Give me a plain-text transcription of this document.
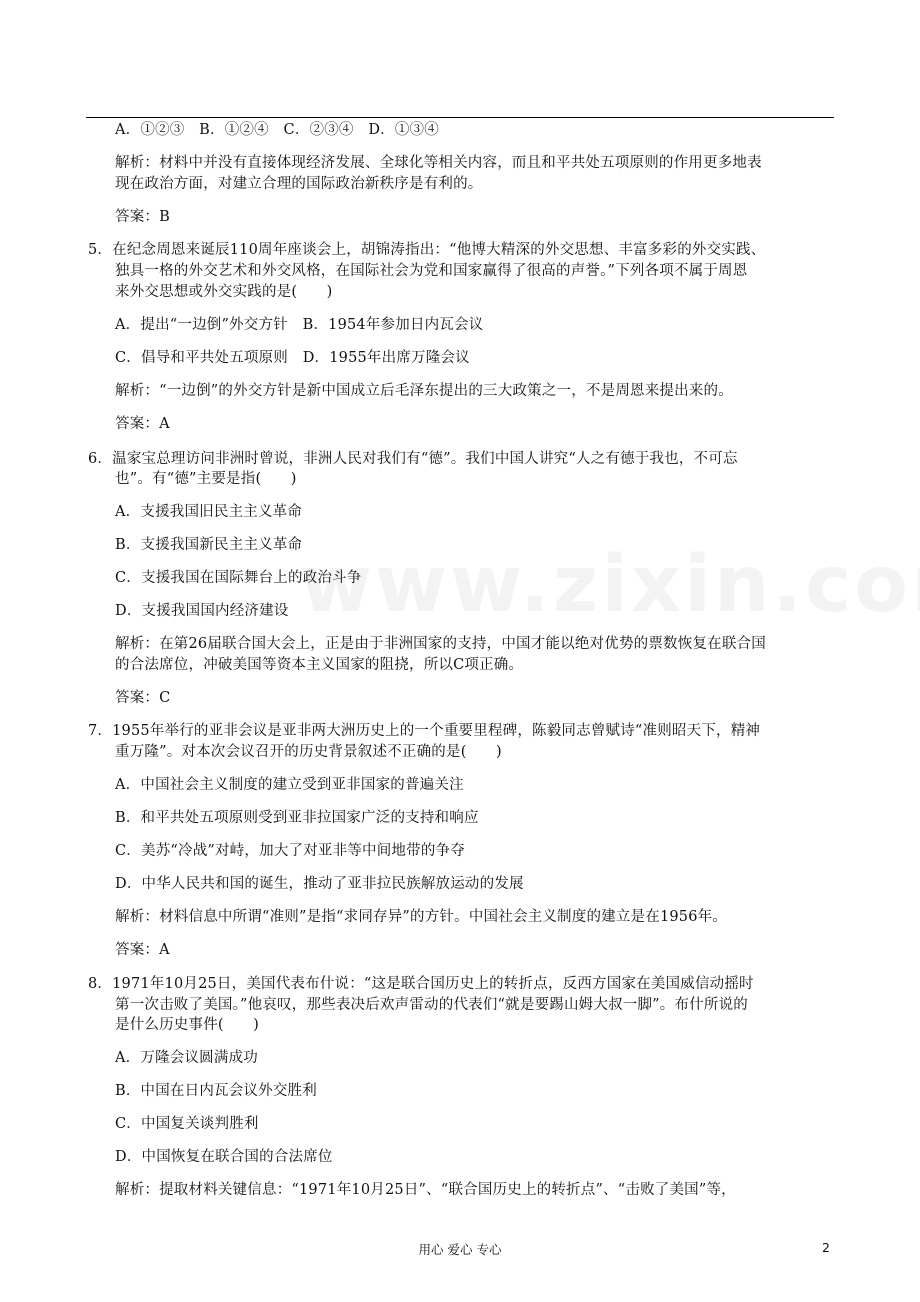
A．①②③　B．①②④　C．②③④　D．①③④
解析：材料中并没有直接体现经济发展、全球化等相关内容，而且和平共处五项原则的作用更多地表
现在政治方面，对建立合理的国际政治新秩序是有利的。
答案：B
5．在纪念周恩来诞辰110周年座谈会上，胡锦涛指出：“他博大精深的外交思想、丰富多彩的外交实践、
独具一格的外交艺术和外交风格，在国际社会为党和国家赢得了很高的声誉。”下列各项不属于周恩
来外交思想或外交实践的是(　　)
A．提出“一边倒”外交方针　B．1954年参加日内瓦会议
C．倡导和平共处五项原则　D．1955年出席万隆会议
解析：“一边倒”的外交方针是新中国成立后毛泽东提出的三大政策之一，不是周恩来提出来的。
答案：A
6．温家宝总理访问非洲时曾说，非洲人民对我们有“德”。我们中国人讲究“人之有德于我也，不可忘
也”。有“德”主要是指(　　)
A．支援我国旧民主主义革命
B．支援我国新民主主义革命
C．支援我国在国际舞台上的政治斗争
D．支援我国国内经济建设
解析：在第26届联合国大会上，正是由于非洲国家的支持，中国才能以绝对优势的票数恢复在联合国
的合法席位，冲破美国等资本主义国家的阻挠，所以C项正确。
答案：C
7．1955年举行的亚非会议是亚非两大洲历史上的一个重要里程碑，陈毅同志曾赋诗“准则昭天下，精神
重万隆”。对本次会议召开的历史背景叙述不正确的是(　　)
A．中国社会主义制度的建立受到亚非国家的普遍关注
B．和平共处五项原则受到亚非拉国家广泛的支持和响应
C．美苏“冷战”对峙，加大了对亚非等中间地带的争夺
D．中华人民共和国的诞生，推动了亚非拉民族解放运动的发展
解析：材料信息中所谓“准则”是指“求同存异”的方针。中国社会主义制度的建立是在1956年。
答案：A
8．1971年10月25日，美国代表布什说：“这是联合国历史上的转折点，反西方国家在美国威信动摇时
第一次击败了美国。”他哀叹，那些表决后欢声雷动的代表们“就是要踢山姆大叔一脚”。布什所说的
是什么历史事件(　　)
A．万隆会议圆满成功
B．中国在日内瓦会议外交胜利
C．中国复关谈判胜利
D．中国恢复在联合国的合法席位
解析：提取材料关键信息：“1971年10月25日”、“联合国历史上的转折点”、“击败了美国”等，
用心 爱心 专心	2
